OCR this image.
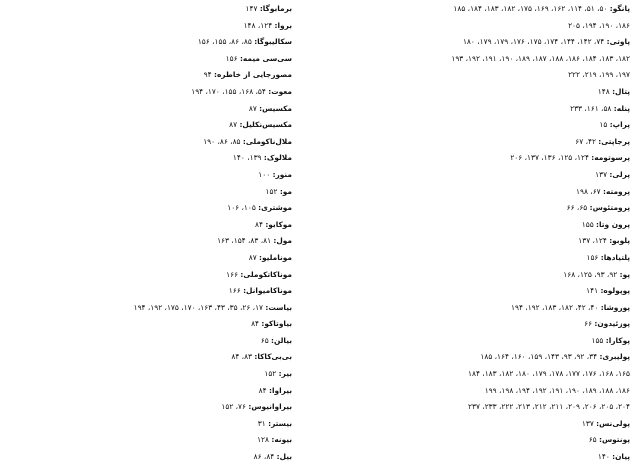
پانگو: ۵۰، ۵۱، ۱۱۴، ۱۶۲، ۱۶۹، ۱۷۵، ۱۸۲، ۱۸۳، ۱۸۴، ۱۸۵
۱۸۶، ۱۹۰، ۱۹۴، ۲۰۵
پاوتی: ۷۴، ۱۴۲، ۱۴۴، ۱۷۴، ۱۷۵، ۱۷۶، ۱۷۹، ۱۷۹، ۱۸۰
۱۸۲، ۱۸۳، ۱۸۴، ۱۸۶، ۱۸۸، ۱۸۷، ۱۸۹، ۱۹۰، ۱۹۱، ۱۹۲، ۱۹۳
۱۹۷، ۱۹۹، ۲۱۹، ۲۲۲
پتال: ۱۴۸
پنله: ۵۸، ۱۶۱، ۲۳۳
پراپ: ۱۵
پرجاپتی: ۴۲، ۶۷
پرسوتومه: ۱۲۴، ۱۲۵، ۱۳۶، ۱۳۷، ۲۰۶
پرلی: ۱۳۷
پرومته: ۶۷، ۱۹۸
پرومتئوس: ۶۵، ۶۶
پرون وتا: ۱۵۵
پلوبو: ۱۲۴، ۱۳۷
پلتیادها: ۱۵۶
پو: ۹۲، ۹۳، ۱۲۵، ۱۶۸
پوپولوه: ۱۴۱
پوروشا: ۴۰، ۴۲، ۱۸۲، ۱۸۳، ۱۹۲، ۱۹۴
پوزئیدون: ۶۶
پوکارا: ۱۵۵
پولیبری: ۳۴، ۹۲، ۹۳، ۱۴۳، ۱۵۹، ۱۶۰، ۱۶۴، ۱۸۵
۱۶۵، ۱۶۸، ۱۷۶، ۱۷۷، ۱۷۸، ۱۷۹، ۱۸۰، ۱۸۲، ۱۸۳، ۱۸۴
۱۸۶، ۱۸۸، ۱۸۹، ۱۹۰، ۱۹۱، ۱۹۲، ۱۹۴، ۱۹۸، ۱۹۹
۲۰۴، ۲۰۵، ۲۰۶، ۲۰۹، ۲۱۱، ۲۱۲، ۲۱۳، ۲۲۲، ۲۳۳، ۲۳۷
پولی‌نس: ۱۳۷
پونتوس: ۶۵
پیان: ۱۴۰
برمابوگا: ۱۴۷
بروا: ۱۲۴، ۱۴۸
سکالیبوگا: ۸۵، ۸۶، ۱۵۵، ۱۵۶
سی‌سی میمه: ۱۵۶
مصورجایی از خاطره: ۹۴
معوت: ۵۴، ۱۶۸، ۱۵۵، ۱۷۰، ۱۹۴
مکسیس: ۸۷
مکسیس‌نکلیل: ۸۷
ملال‌ناکوملی: ۸۵، ۸۶، ۱۹۰
ملالوک: ۱۳۹، ۱۴۰
منور: ۱۰۰
مو: ۱۵۲
موشتری: ۱۰۵، ۱۰۶
موکابو: ۸۴
مول: ۸۱، ۸۳، ۱۵۴، ۱۶۳
موناملیو: ۸۷
موناکاتکوملی: ۱۶۶
موناکامیوانل: ۱۶۶
بیاست: ۱۷، ۲۶، ۳۵، ۴۳، ۱۶۳، ۱۷۰، ۱۷۵، ۱۹۲، ۱۹۴
بیاوتاکو: ۸۴
بیالن: ۶۵
بی‌بی‌کاکا: ۸۳، ۸۴
بیر: ۱۵۲
بیراوا: ۸۴
بیراوانیوس: ۷۶، ۱۵۲
بیستر: ۳۱
بیونه: ۱۲۸
بیل: ۸۴، ۸۶
